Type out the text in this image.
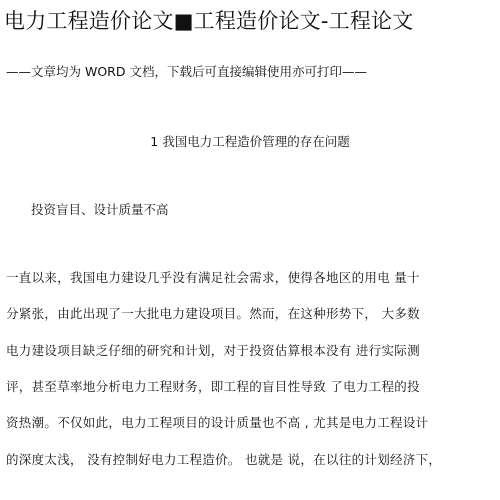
电力工程造价论文■工程造价论文-工程论文
——文章均为 WORD 文档，下载后可直接编辑使用亦可打印——
1 我国电力工程造价管理的存在问题
投资盲目、设计质量不高
一直以来，我国电力建设几乎没有满足社会需求，使得各地区的用电 量十
分紧张，由此出现了一大批电力建设项目。然而，在这种形势下， 大多数
电力建设项目缺乏仔细的研究和计划，对于投资估算根本没有 进行实际测
评，甚至草率地分析电力工程财务，即工程的盲目性导致 了电力工程的投
资热潮。不仅如此，电力工程项目的设计质量也不高 , 尤其是电力工程设计
的深度太浅， 没有控制好电力工程造价。 也就是 说，在以往的计划经济下，
